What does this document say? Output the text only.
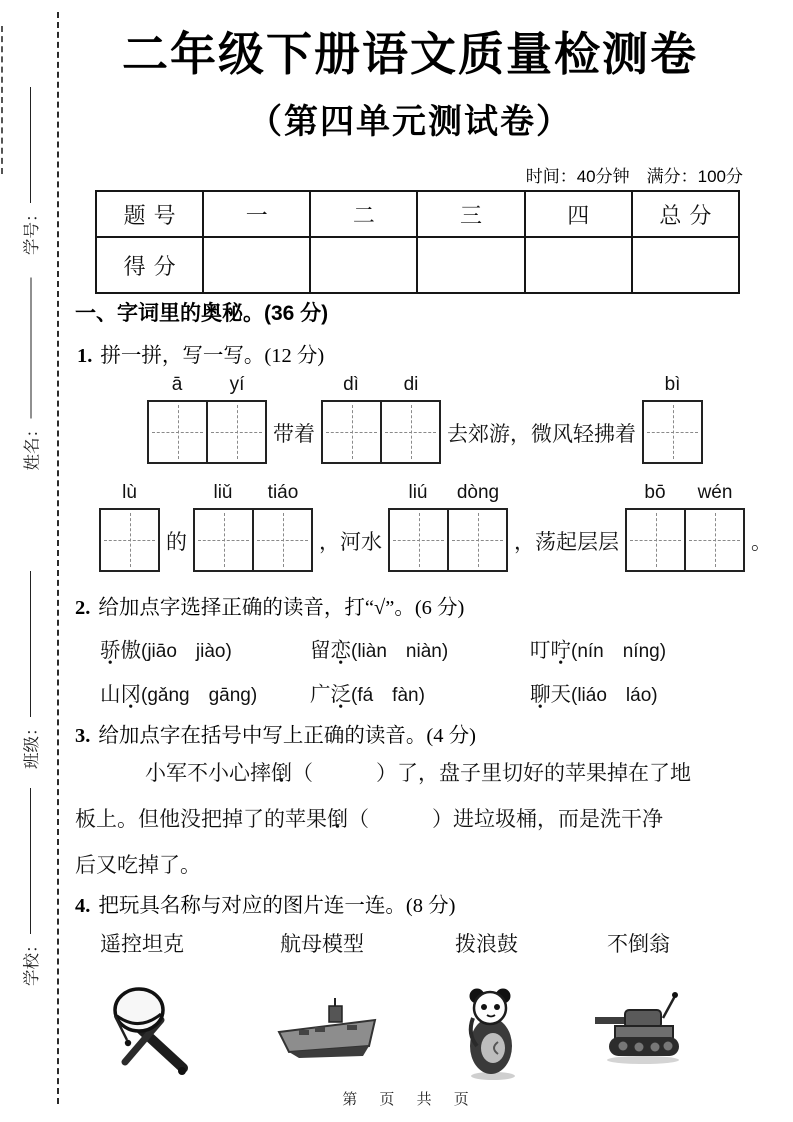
学号：
姓名：
班级：
学校：
二年级下册语文质量检测卷
（第四单元测试卷）
时间：40分钟　满分：100分
题号	一	二	三	四	总分
得分					
一、字词里的奥秘。(36 分)
1. 拼一拼，写一写。(12 分)
ā	yí
带着
dì	di
去郊游，微风轻拂着
bì
lù
的
liǔ	tiáo
，河水
liú	dòng
，荡起层层
bō	wén
。
2. 给加点字选择正确的读音，打“√”。(6 分)
骄傲(jiāo　jiào)	留恋(liàn　niàn)	叮咛(nín　níng)
山冈(gǎng　gāng)	广泛(fá　fàn)	聊天(liáo　láo)
3. 给加点字在括号中写上正确的读音。(4 分)
小军不小心摔倒 •（　　　）了，盘子里切好的苹果掉在了地
板上。但他没把掉了的苹果倒 •（　　　）进垃圾桶，而是洗干净
后又吃掉了。
4. 把玩具名称与对应的图片连一连。(8 分)
遥控坦克	航母模型	拨浪鼓	不倒翁
第 页 共 页
